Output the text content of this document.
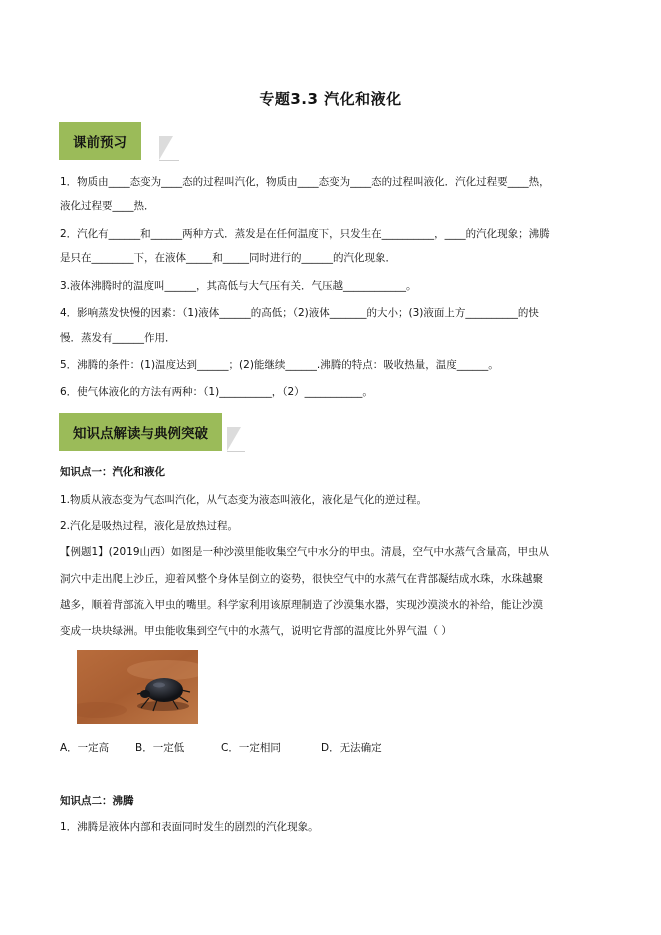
专题3.3 汽化和液化
课前预习
1．物质由____态变为____态的过程叫汽化，物质由____态变为____态的过程叫液化．汽化过程要____热，
液化过程要____热．
2．汽化有______和______两种方式．蒸发是在任何温度下，只发生在__________，____的汽化现象；沸腾
是只在________下，在液体_____和_____同时进行的______的汽化现象．
3.液体沸腾时的温度叫______，其高低与大气压有关．气压越____________。
4．影响蒸发快慢的因素：（1)液体______的高低；（2)液体_______的大小；(3)液面上方__________的快
慢．蒸发有______作用．
5．沸腾的条件：(1)温度达到______；(2)能继续______.沸腾的特点：吸收热量，温度______。
6．使气体液化的方法有两种：（1)__________，（2）___________。
知识点解读与典例突破
知识点一：汽化和液化
1.物质从液态变为气态叫汽化，从气态变为液态叫液化，液化是气化的逆过程。
2.汽化是吸热过程，液化是放热过程。
【例题1】(2019山西）如图是一种沙漠里能收集空气中水分的甲虫。清晨，空气中水蒸气含量高，甲虫从
洞穴中走出爬上沙丘，迎着风整个身体呈倒立的姿势，很快空气中的水蒸气在背部凝结成水珠，水珠越聚
越多，顺着背部流入甲虫的嘴里。科学家利用该原理制造了沙漠集水器，实现沙漠淡水的补给，能让沙漠
变成一块块绿洲。甲虫能收集到空气中的水蒸气，说明它背部的温度比外界气温（ ）
A．一定高 B．一定低	C．一定相同	D．无法确定
知识点二：沸腾
1．沸腾是液体内部和表面同时发生的剧烈的汽化现象。
